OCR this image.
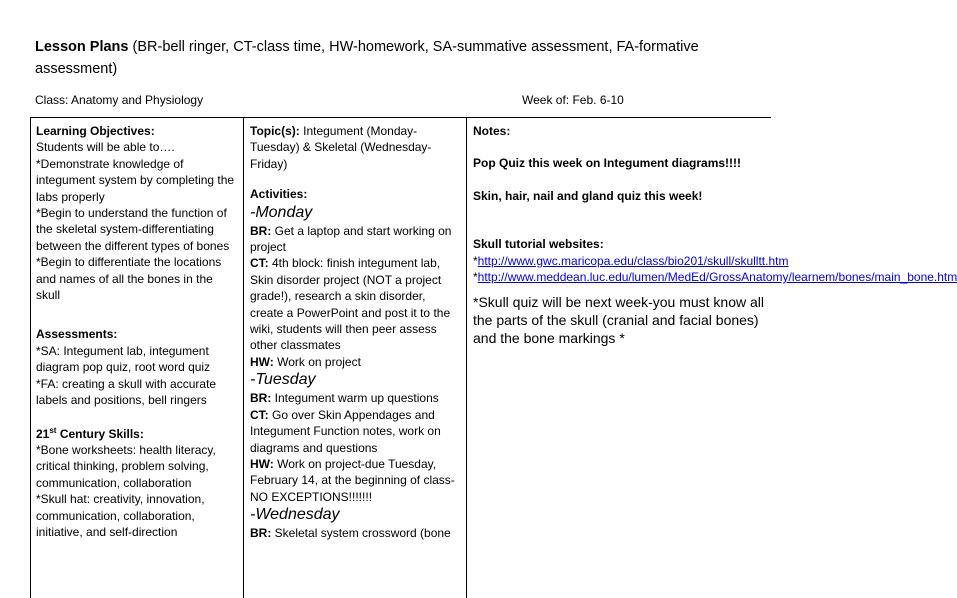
Lesson Plans (BR-bell ringer, CT-class time, HW-homework, SA-summative assessment, FA-formative assessment)
Class: Anatomy and Physiology	Week of: Feb. 6-10
Learning Objectives:
Students will be able to….
*Demonstrate knowledge of integument system by completing the labs properly
*Begin to understand the function of the skeletal system-differentiating between the different types of bones
*Begin to differentiate the locations and names of all the bones in the skull
Assessments:
*SA: Integument lab, integument diagram pop quiz, root word quiz
*FA: creating a skull with accurate labels and positions, bell ringers
21st Century Skills:
*Bone worksheets: health literacy, critical thinking, problem solving, communication, collaboration
*Skull hat: creativity, innovation, communication, collaboration, initiative, and self-direction
Topic(s): Integument (Monday-Tuesday) & Skeletal (Wednesday-Friday)
Activities:
-Monday
BR: Get a laptop and start working on project
CT: 4th block: finish integument lab, Skin disorder project (NOT a project grade!), research a skin disorder, create a PowerPoint and post it to the wiki, students will then peer assess other classmates
HW: Work on project
-Tuesday
BR: Integument warm up questions
CT: Go over Skin Appendages and Integument Function notes, work on diagrams and questions
HW: Work on project-due Tuesday, February 14, at the beginning of class-NO EXCEPTIONS!!!!!!!
-Wednesday
BR: Skeletal system crossword (bone
Notes:
Pop Quiz this week on Integument diagrams!!!!
Skin, hair, nail and gland quiz this week!
Skull tutorial websites:
*http://www.gwc.maricopa.edu/class/bio201/skull/skulltt.htm
*http://www.meddean.luc.edu/lumen/MedEd/GrossAnatomy/learnem/bones/main_bone.htm
*Skull quiz will be next week-you must know all the parts of the skull (cranial and facial bones) and the bone markings *
